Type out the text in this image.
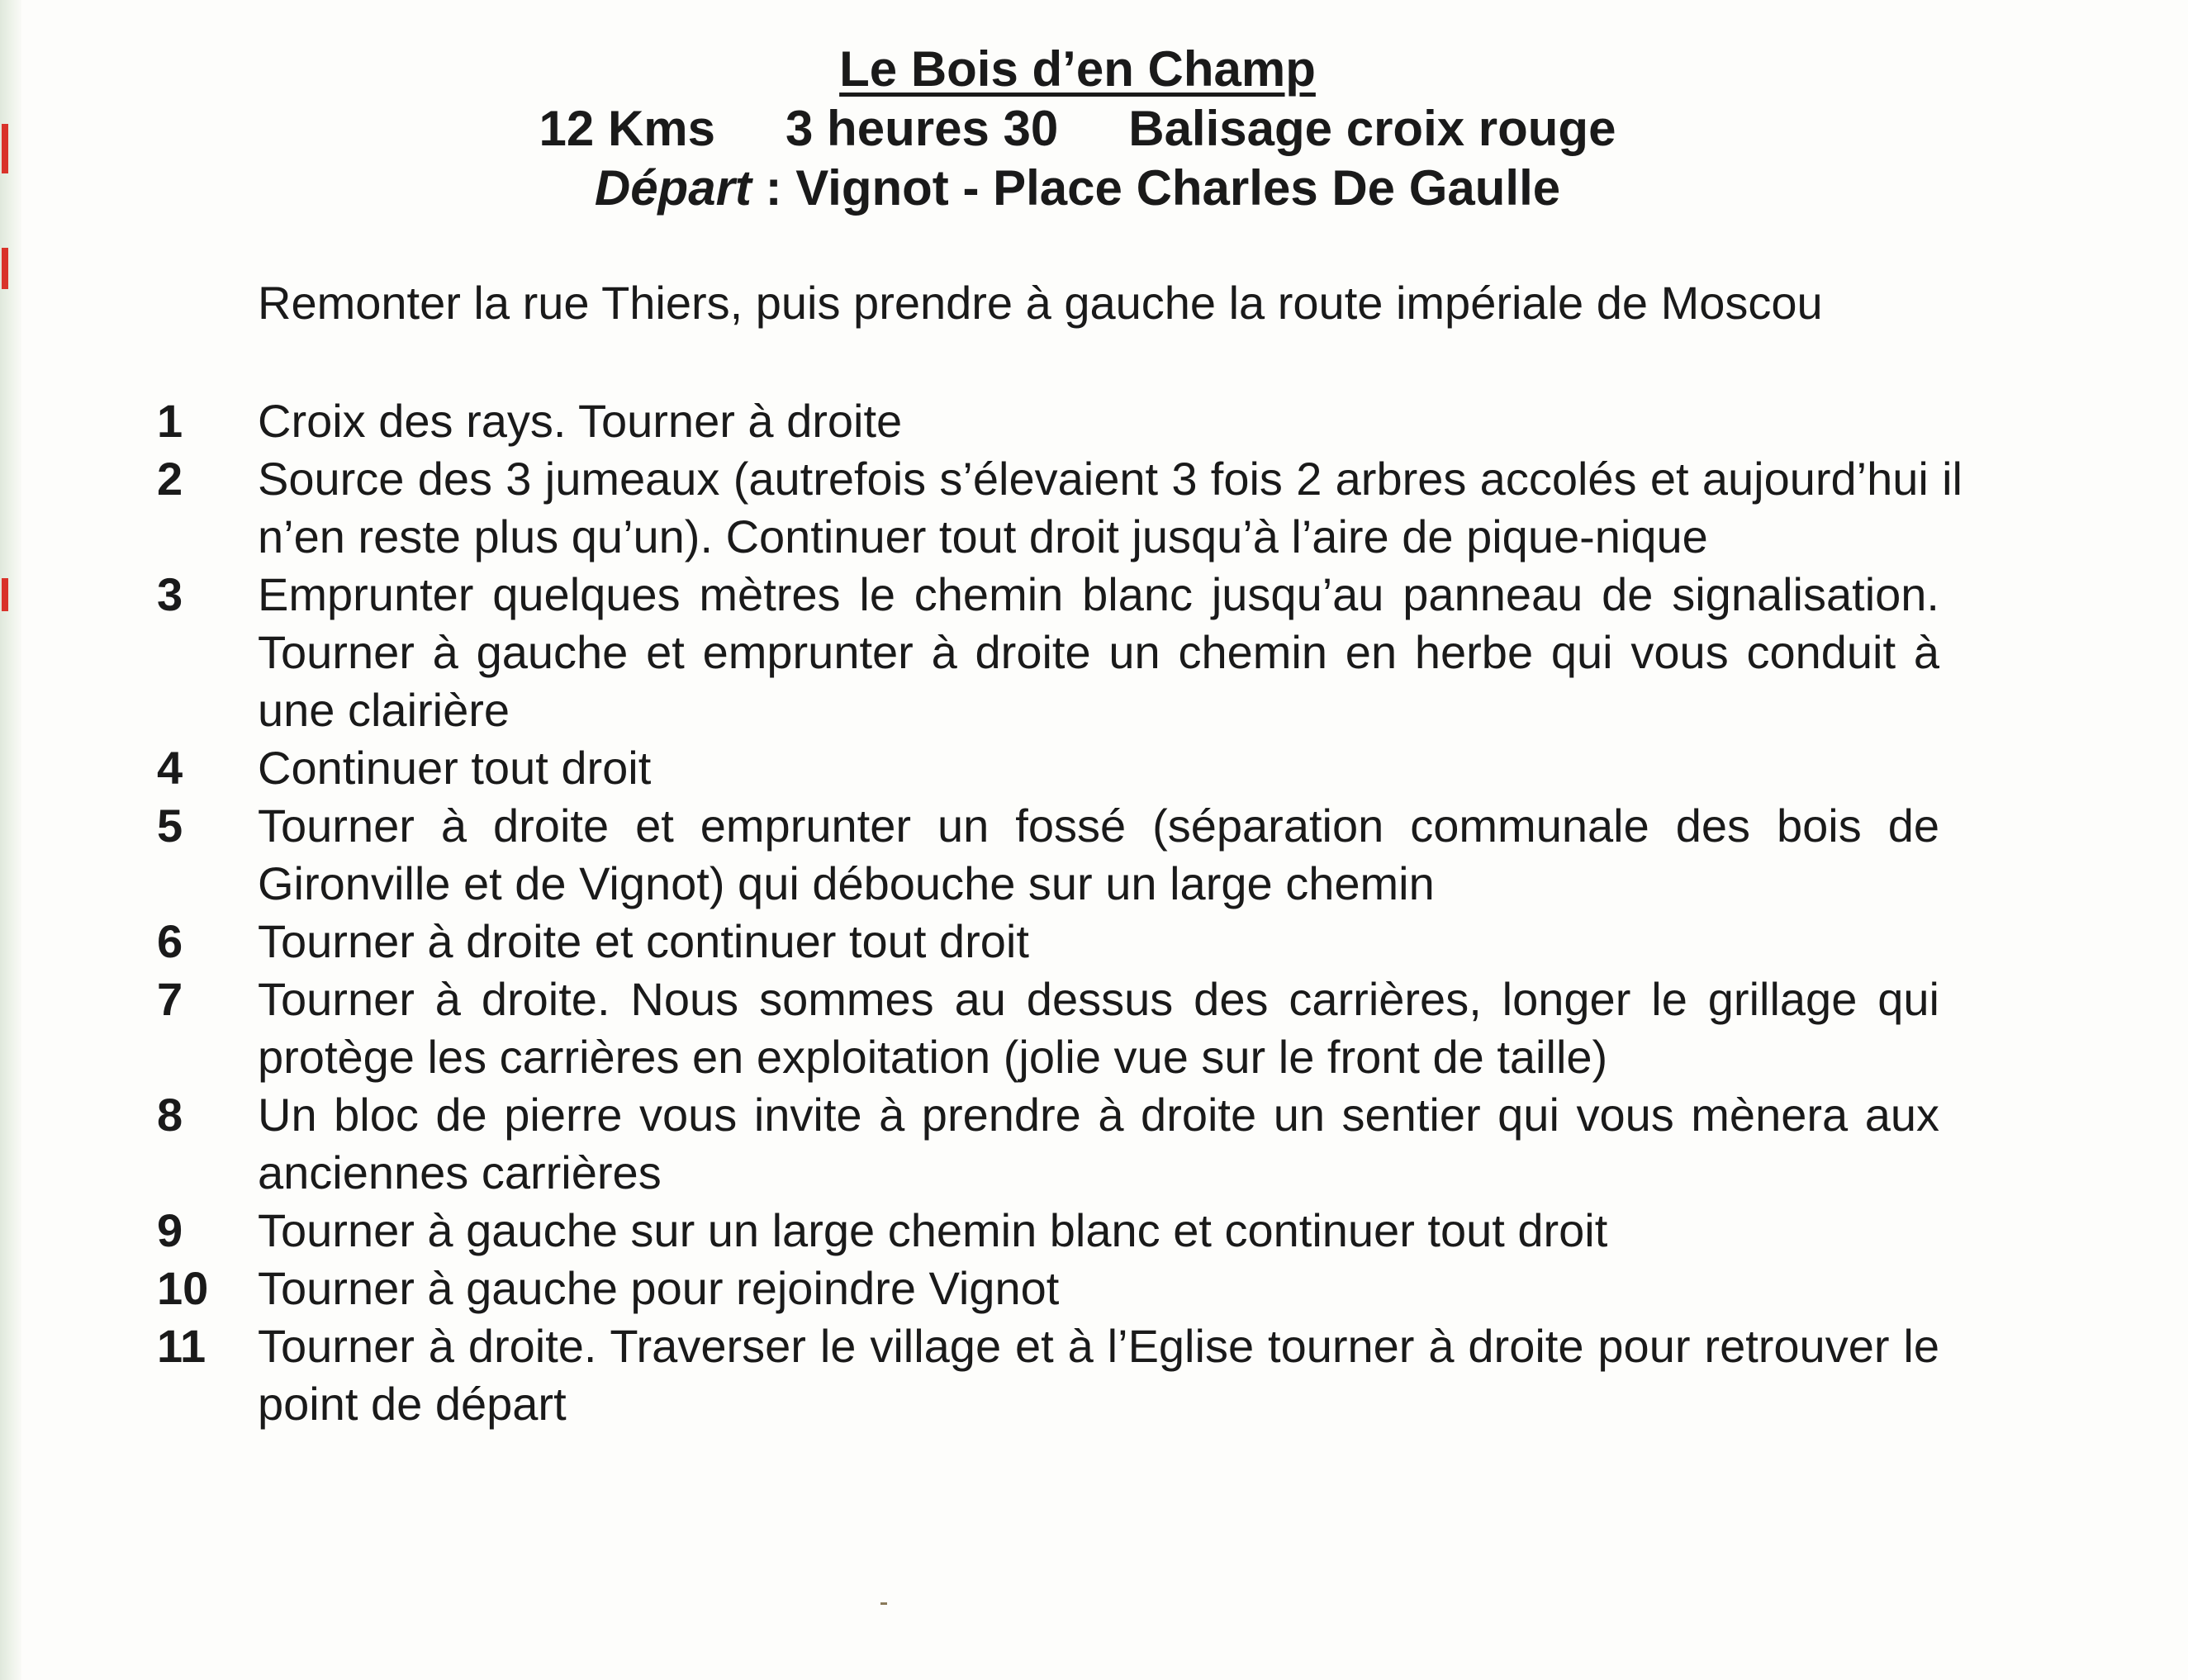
Le Bois d’en Champ
12 Kms 3 heures 30 Balisage croix rouge
Départ : Vignot - Place Charles De Gaulle
Remonter la rue Thiers, puis prendre à gauche la route impériale de Moscou
1	Croix des rays. Tourner à droite
2	Source des 3 jumeaux (autrefois s’élevaient 3 fois 2 arbres accolés et aujourd’hui il n’en reste plus qu’un). Continuer tout droit jusqu’à l’aire de pique-nique
3	Emprunter quelques mètres le chemin blanc jusqu’au panneau de signalisation. Tourner à gauche et emprunter à droite un chemin en herbe qui vous conduit à une clairière
4	Continuer tout droit
5	Tourner à droite et emprunter un fossé (séparation communale des bois de Gironville et de Vignot) qui débouche sur un large chemin
6	Tourner à droite et continuer tout droit
7	Tourner à droite. Nous sommes au dessus des carrières, longer le grillage qui protège les carrières en exploitation (jolie vue sur le front de taille)
8	Un bloc de pierre vous invite à prendre à droite un sentier qui vous mènera aux anciennes carrières
9	Tourner à gauche sur un large chemin blanc et continuer tout droit
10	Tourner à gauche pour rejoindre Vignot
11	Tourner à droite. Traverser le village et à l’Eglise tourner à droite pour retrouver le point de départ
